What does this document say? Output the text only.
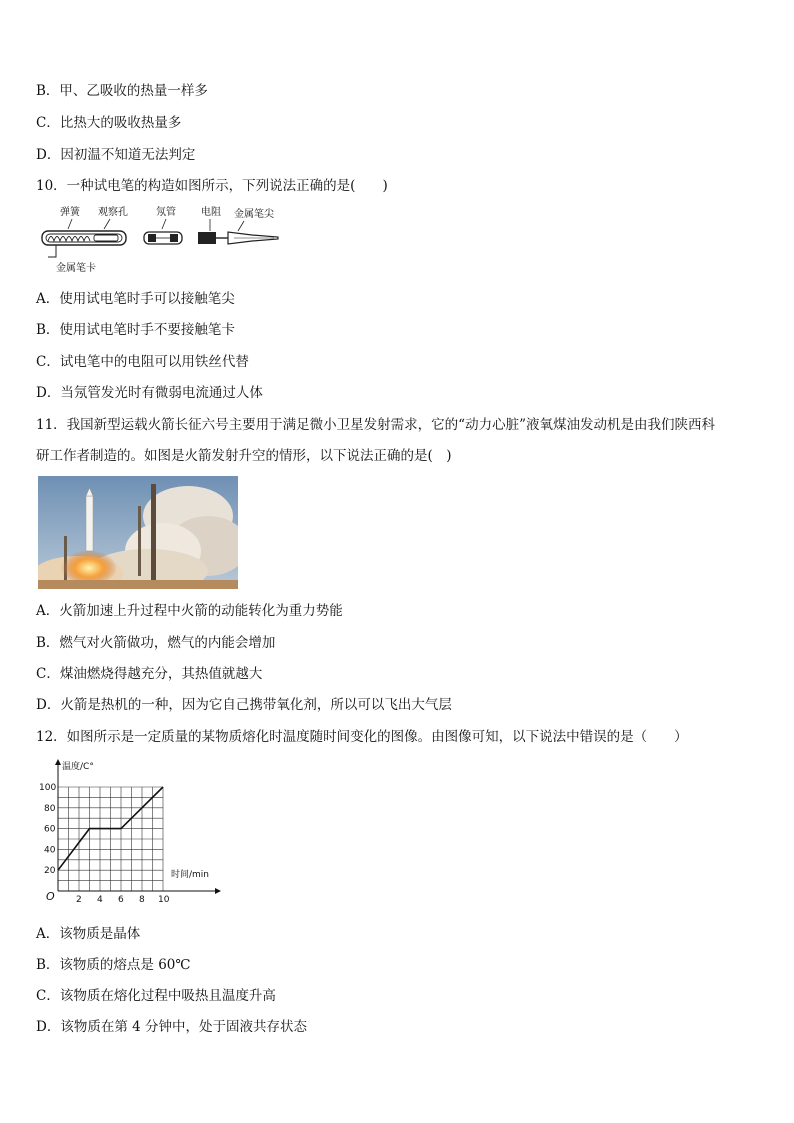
B．甲、乙吸收的热量一样多
C．比热大的吸收热量多
D．因初温不知道无法判定
10．一种试电笔的构造如图所示，下列说法正确的是(　　)
弹簧 观察孔	氖管	电阻 金属笔尖
金属笔卡
A．使用试电笔时手可以接触笔尖
B．使用试电笔时手不要接触笔卡
C．试电笔中的电阻可以用铁丝代替
D．当氖管发光时有微弱电流通过人体
11．我国新型运载火箭长征六号主要用于满足微小卫星发射需求，它的“动力心脏”液氧煤油发动机是由我们陕西科
研工作者制造的。如图是火箭发射升空的情形，以下说法正确的是(　)
A．火箭加速上升过程中火箭的动能转化为重力势能
B．燃气对火箭做功，燃气的内能会增加
C．煤油燃烧得越充分，其热值就越大
D．火箭是热机的一种，因为它自己携带氧化剂，所以可以飞出大气层
12．如图所示是一定质量的某物质熔化时温度随时间变化的图像。由图像可知，以下说法中错误的是（　　）
温度/C°
时间/min
O 2 4 6 8 10
20
40
60
80
100
A．该物质是晶体
B．该物质的熔点是 60℃
C．该物质在熔化过程中吸热且温度升高
D．该物质在第 4 分钟中，处于固液共存状态
